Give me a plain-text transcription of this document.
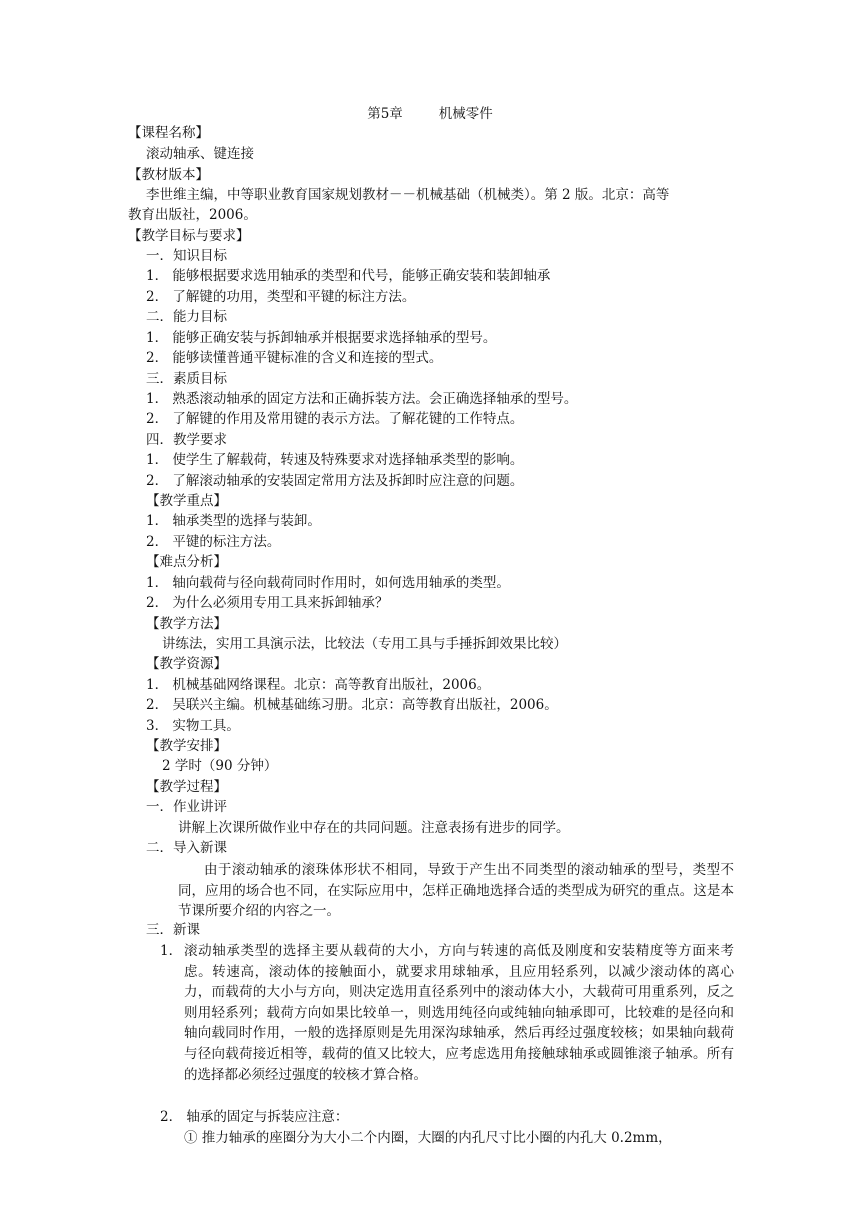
第5章	机械零件
【课程名称】
滚动轴承、键连接
【教材版本】
李世维主编，中等职业教育国家规划教材－－机械基础（机械类）。第 2 版。北京：高等
教育出版社，2006。
【教学目标与要求】
一．知识目标
1． 能够根据要求选用轴承的类型和代号，能够正确安装和装卸轴承
2． 了解键的功用，类型和平键的标注方法。
二．能力目标
1． 能够正确安装与拆卸轴承并根据要求选择轴承的型号。
2． 能够读懂普通平键标准的含义和连接的型式。
三．素质目标
1． 熟悉滚动轴承的固定方法和正确拆装方法。会正确选择轴承的型号。
2． 了解键的作用及常用键的表示方法。了解花键的工作特点。
四．教学要求
1． 使学生了解载荷，转速及特殊要求对选择轴承类型的影响。
2． 了解滚动轴承的安装固定常用方法及拆卸时应注意的问题。
【教学重点】
1． 轴承类型的选择与装卸。
2． 平键的标注方法。
【难点分析】
1． 轴向载荷与径向载荷同时作用时，如何选用轴承的类型。
2． 为什么必须用专用工具来拆卸轴承？
【教学方法】
讲练法，实用工具演示法，比较法（专用工具与手捶拆卸效果比较）
【教学资源】
1． 机械基础网络课程。北京：高等教育出版社，2006。
2． 吴联兴主编。机械基础练习册。北京：高等教育出版社，2006。
3． 实物工具。
【教学安排】
2 学时（90 分钟）
【教学过程】
一．作业讲评
讲解上次课所做作业中存在的共同问题。注意表扬有进步的同学。
二．导入新课
由于滚动轴承的滚珠体形状不相同，导致于产生出不同类型的滚动轴承的型号，类型不同，应用的场合也不同，在实际应用中，怎样正确地选择合适的类型成为研究的重点。这是本节课所要介绍的内容之一。
三．新课
1． 滚动轴承类型的选择主要从载荷的大小，方向与转速的高低及刚度和安装精度等方面来考虑。转速高，滚动体的接触面小，就要求用球轴承，且应用轻系列，以减少滚动体的离心力，而载荷的大小与方向，则决定选用直径系列中的滚动体大小，大载荷可用重系列，反之则用轻系列；载荷方向如果比较单一，则选用纯径向或纯轴向轴承即可，比较难的是径向和轴向载同时作用，一般的选择原则是先用深沟球轴承，然后再经过强度较核；如果轴向载荷与径向载荷接近相等，载荷的值又比较大，应考虑选用角接触球轴承或圆锥滚子轴承。所有的选择都必须经过强度的较核才算合格。
2． 轴承的固定与拆装应注意：
① 推力轴承的座圈分为大小二个内圈，大圈的内孔尺寸比小圈的内孔大 0.2mm，
